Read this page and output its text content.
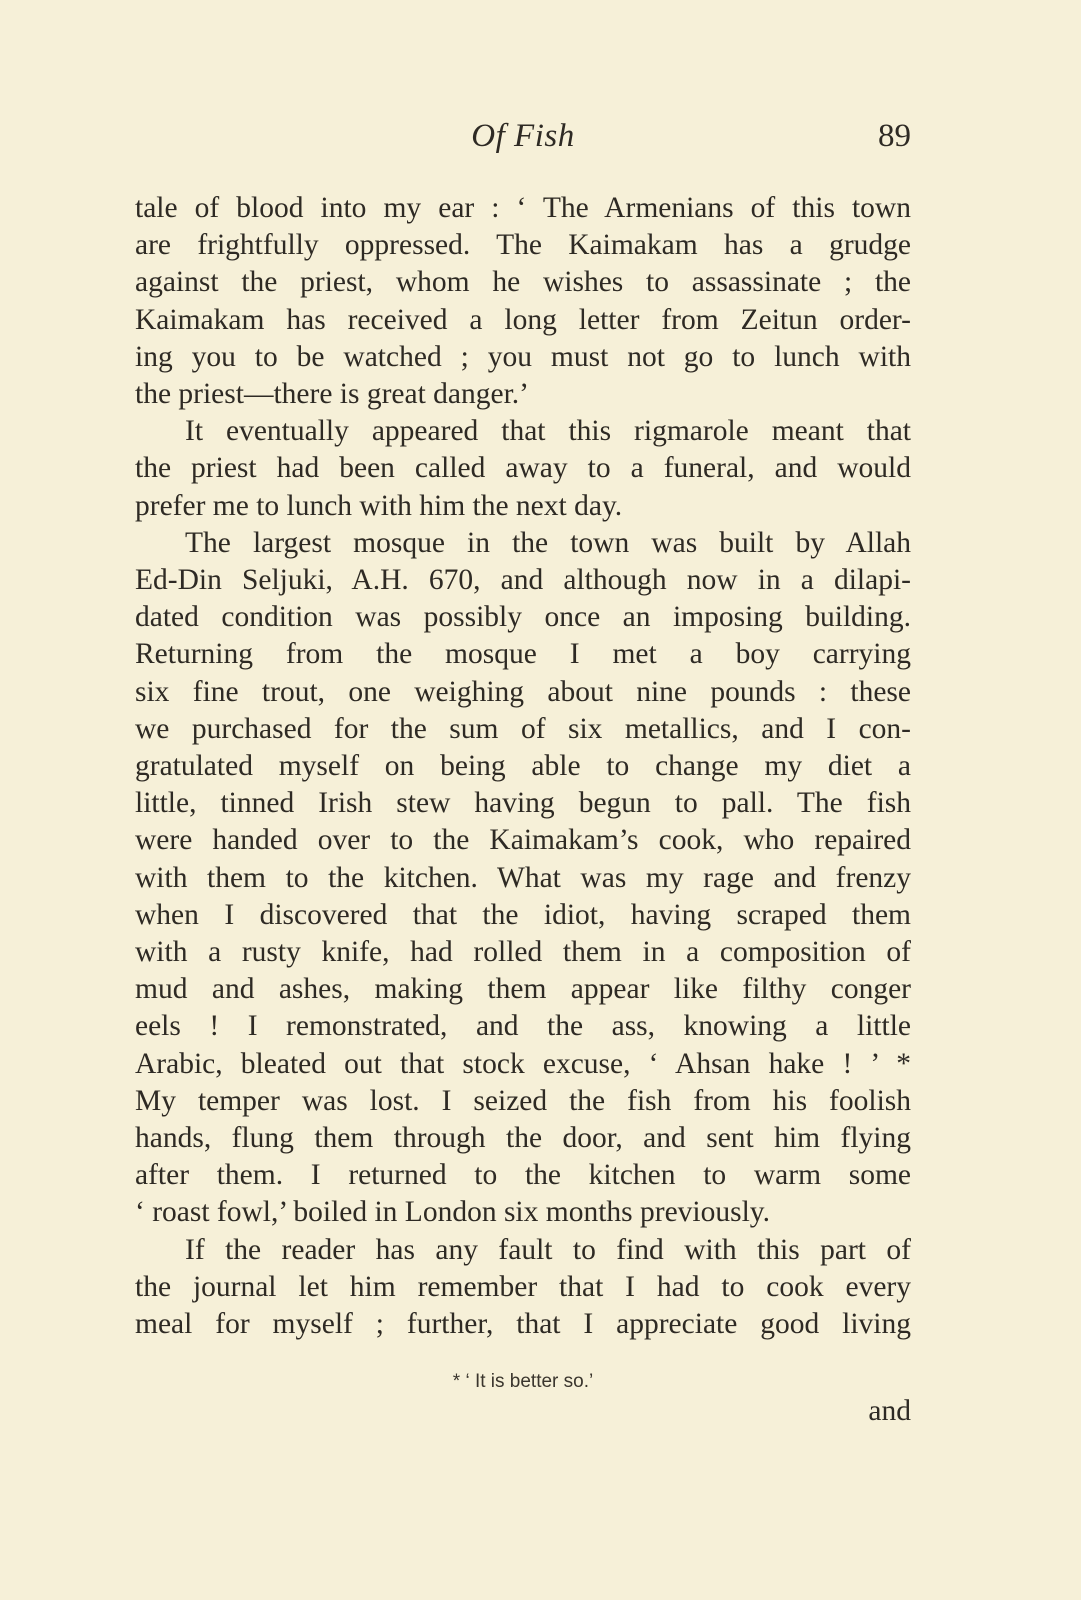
Of Fish	89

tale of blood into my ear : ‘ The Armenians of this town
are frightfully oppressed. The Kaimakam has a grudge
against the priest, whom he wishes to assassinate ; the
Kaimakam has received a long letter from Zeitun order-
ing you to be watched ; you must not go to lunch with
the priest—there is great danger.’

It eventually appeared that this rigmarole meant that
the priest had been called away to a funeral, and would
prefer me to lunch with him the next day.

The largest mosque in the town was built by Allah
Ed-Din Seljuki, A.H. 670, and although now in a dilapi-
dated condition was possibly once an imposing building.
Returning from the mosque I met a boy carrying
six fine trout, one weighing about nine pounds : these
we purchased for the sum of six metallics, and I con-
gratulated myself on being able to change my diet a
little, tinned Irish stew having begun to pall. The fish
were handed over to the Kaimakam’s cook, who repaired
with them to the kitchen. What was my rage and frenzy
when I discovered that the idiot, having scraped them
with a rusty knife, had rolled them in a composition of
mud and ashes, making them appear like filthy conger
eels ! I remonstrated, and the ass, knowing a little
Arabic, bleated out that stock excuse, ‘ Ahsan hake ! ’ *
My temper was lost. I seized the fish from his foolish
hands, flung them through the door, and sent him flying
after them. I returned to the kitchen to warm some
‘ roast fowl,’ boiled in London six months previously.

If the reader has any fault to find with this part of
the journal let him remember that I had to cook every
meal for myself ; further, that I appreciate good living

* ‘ It is better so.’
and
